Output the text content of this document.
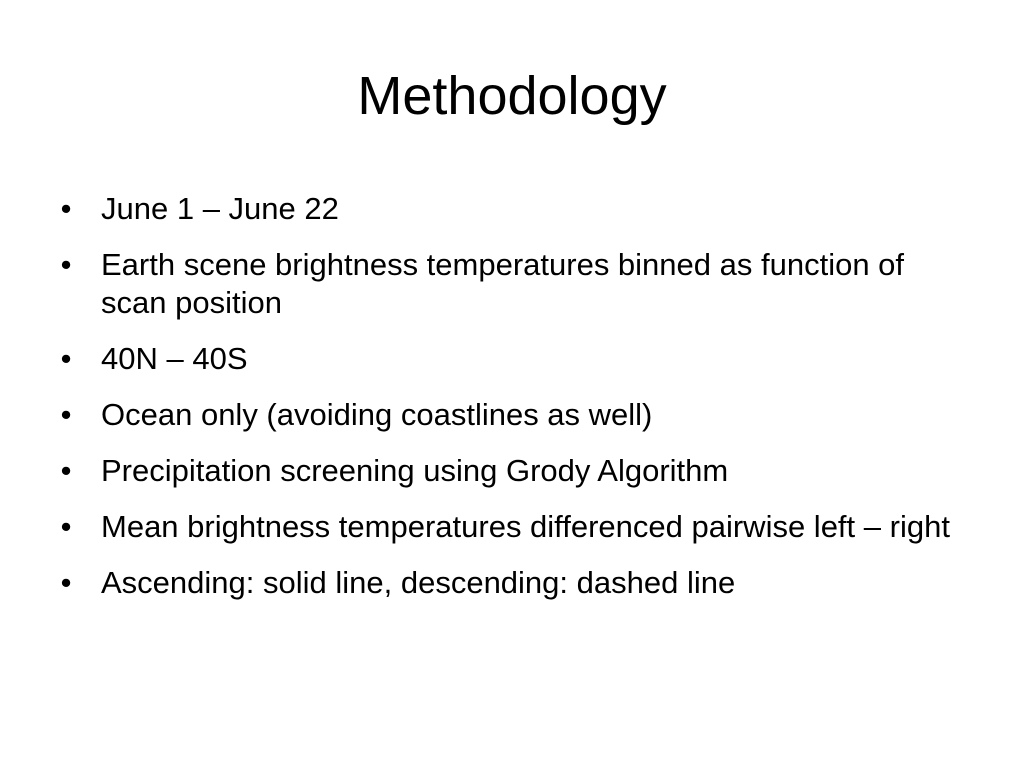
Methodology
• June 1 – June 22
• Earth scene brightness temperatures binned as function of scan position
• 40N – 40S
• Ocean only (avoiding coastlines as well)
• Precipitation screening using Grody Algorithm
• Mean brightness temperatures differenced pairwise left – right
• Ascending: solid line, descending: dashed line
